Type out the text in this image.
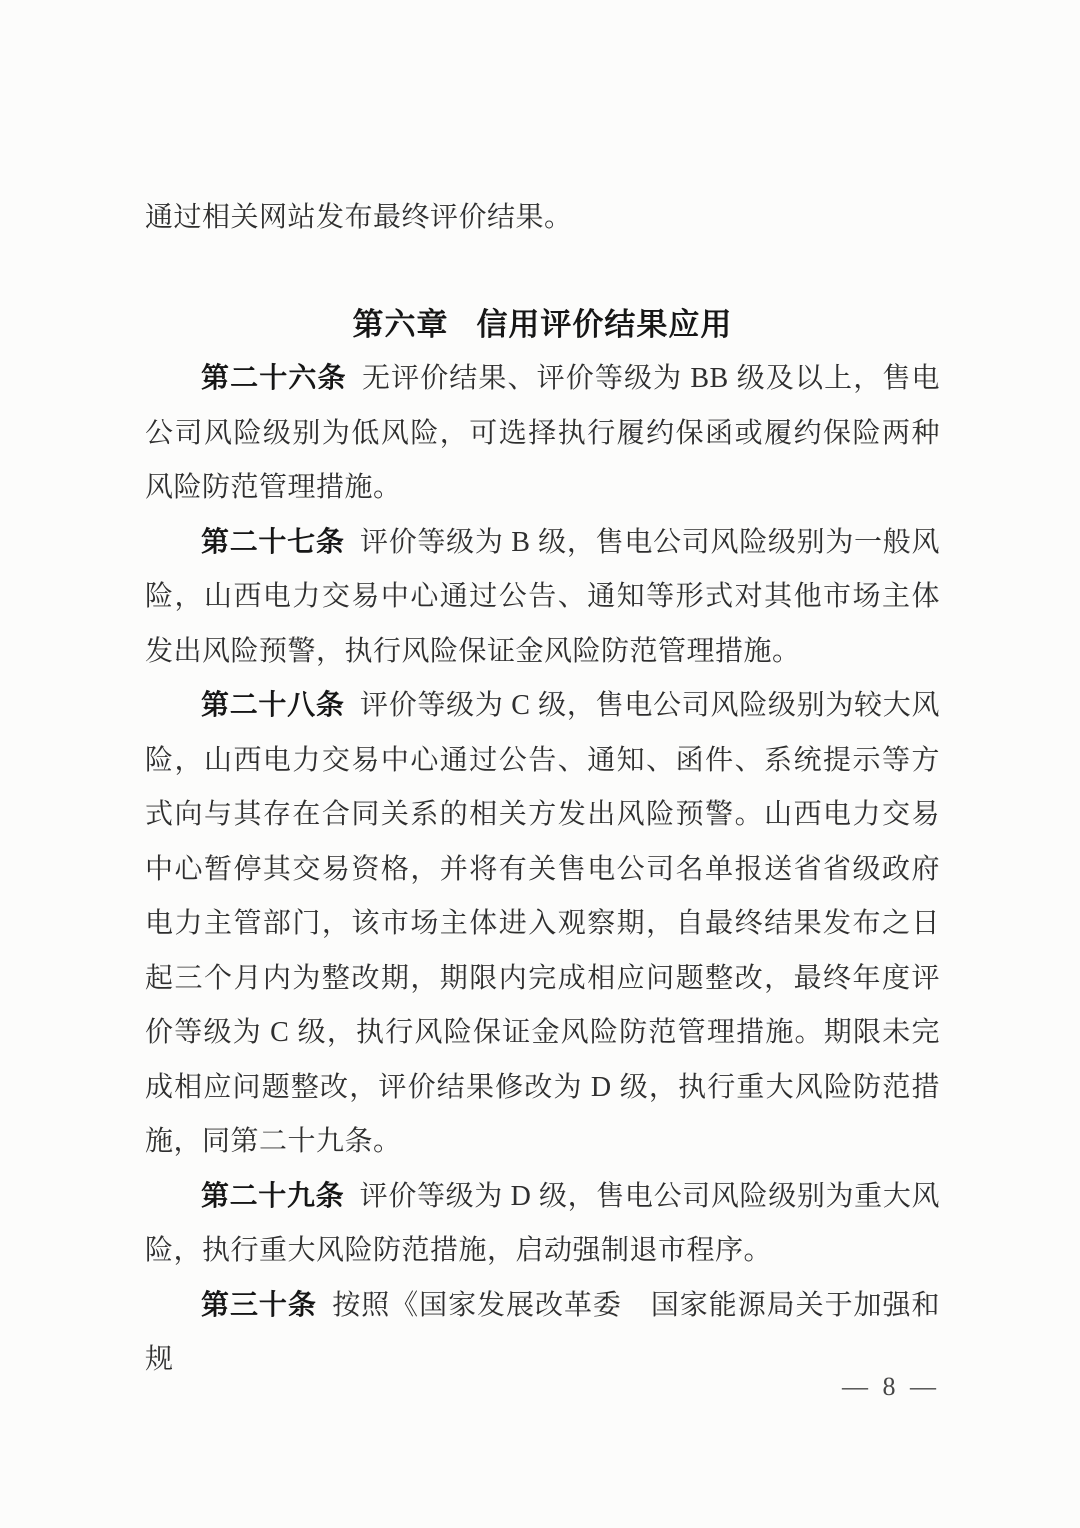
通过相关网站发布最终评价结果。

第六章 信用评价结果应用

第二十六条 无评价结果、评价等级为 BB 级及以上，售电公司风险级别为低风险，可选择执行履约保函或履约保险两种风险防范管理措施。

第二十七条 评价等级为 B 级，售电公司风险级别为一般风险，山西电力交易中心通过公告、通知等形式对其他市场主体发出风险预警，执行风险保证金风险防范管理措施。

第二十八条 评价等级为 C 级，售电公司风险级别为较大风险，山西电力交易中心通过公告、通知、函件、系统提示等方式向与其存在合同关系的相关方发出风险预警。山西电力交易中心暂停其交易资格，并将有关售电公司名单报送省省级政府电力主管部门，该市场主体进入观察期，自最终结果发布之日起三个月内为整改期，期限内完成相应问题整改，最终年度评价等级为 C 级，执行风险保证金风险防范管理措施。期限未完成相应问题整改，评价结果修改为 D 级，执行重大风险防范措施，同第二十九条。

第二十九条 评价等级为 D 级，售电公司风险级别为重大风险，执行重大风险防范措施，启动强制退市程序。

第三十条 按照《国家发展改革委　国家能源局关于加强和规

— 8 —
